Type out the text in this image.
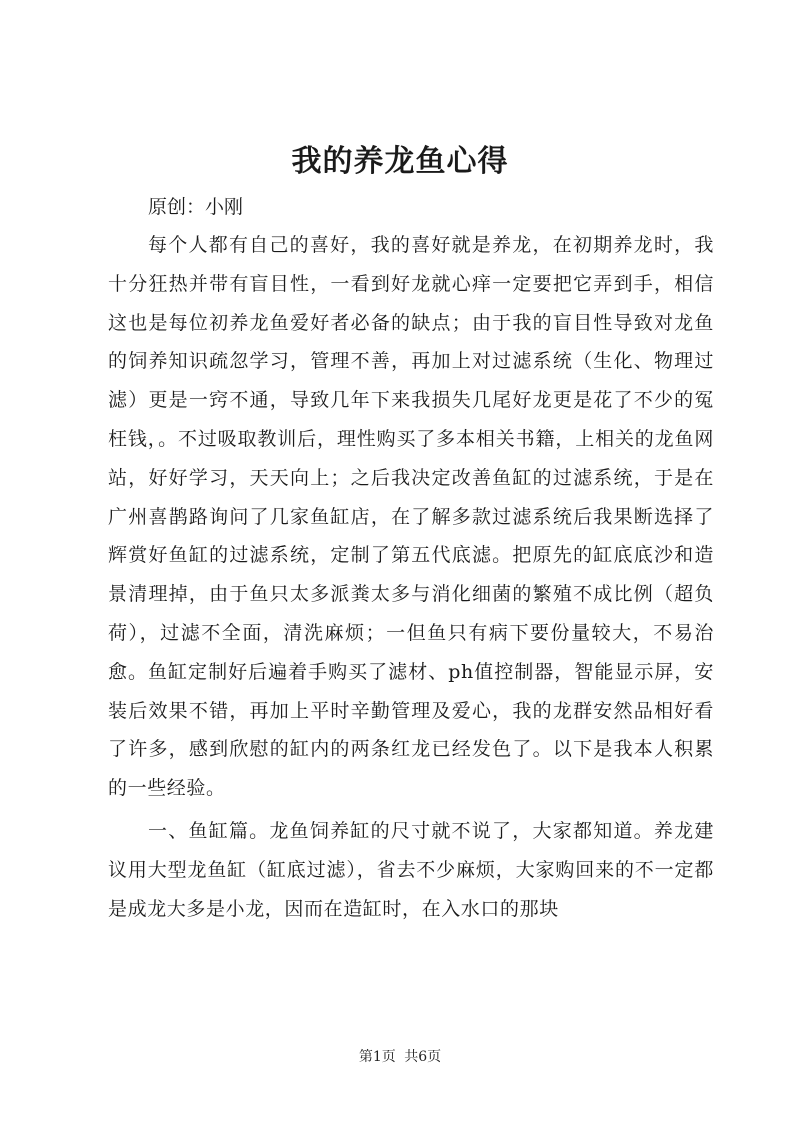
我的养龙鱼心得

原创：小刚

每个人都有自己的喜好，我的喜好就是养龙，在初期养龙时，我十分狂热并带有盲目性，一看到好龙就心痒一定要把它弄到手，相信这也是每位初养龙鱼爱好者必备的缺点；由于我的盲目性导致对龙鱼的饲养知识疏忽学习，管理不善，再加上对过滤系统（生化、物理过滤）更是一窍不通，导致几年下来我损失几尾好龙更是花了不少的冤枉钱，。不过吸取教训后，理性购买了多本相关书籍，上相关的龙鱼网站，好好学习，天天向上；之后我决定改善鱼缸的过滤系统，于是在广州喜鹊路询问了几家鱼缸店，在了解多款过滤系统后我果断选择了辉赏好鱼缸的过滤系统，定制了第五代底滤。把原先的缸底底沙和造景清理掉，由于鱼只太多派粪太多与消化细菌的繁殖不成比例（超负荷），过滤不全面，清洗麻烦；一但鱼只有病下要份量较大，不易治愈。鱼缸定制好后遍着手购买了滤材、ph值控制器，智能显示屏，安装后效果不错，再加上平时辛勤管理及爱心，我的龙群安然品相好看了许多，感到欣慰的缸内的两条红龙已经发色了。以下是我本人积累的一些经验。

一、鱼缸篇。龙鱼饲养缸的尺寸就不说了，大家都知道。养龙建议用大型龙鱼缸（缸底过滤），省去不少麻烦，大家购回来的不一定都是成龙大多是小龙，因而在造缸时，在入水口的那块

第1页 共6页
